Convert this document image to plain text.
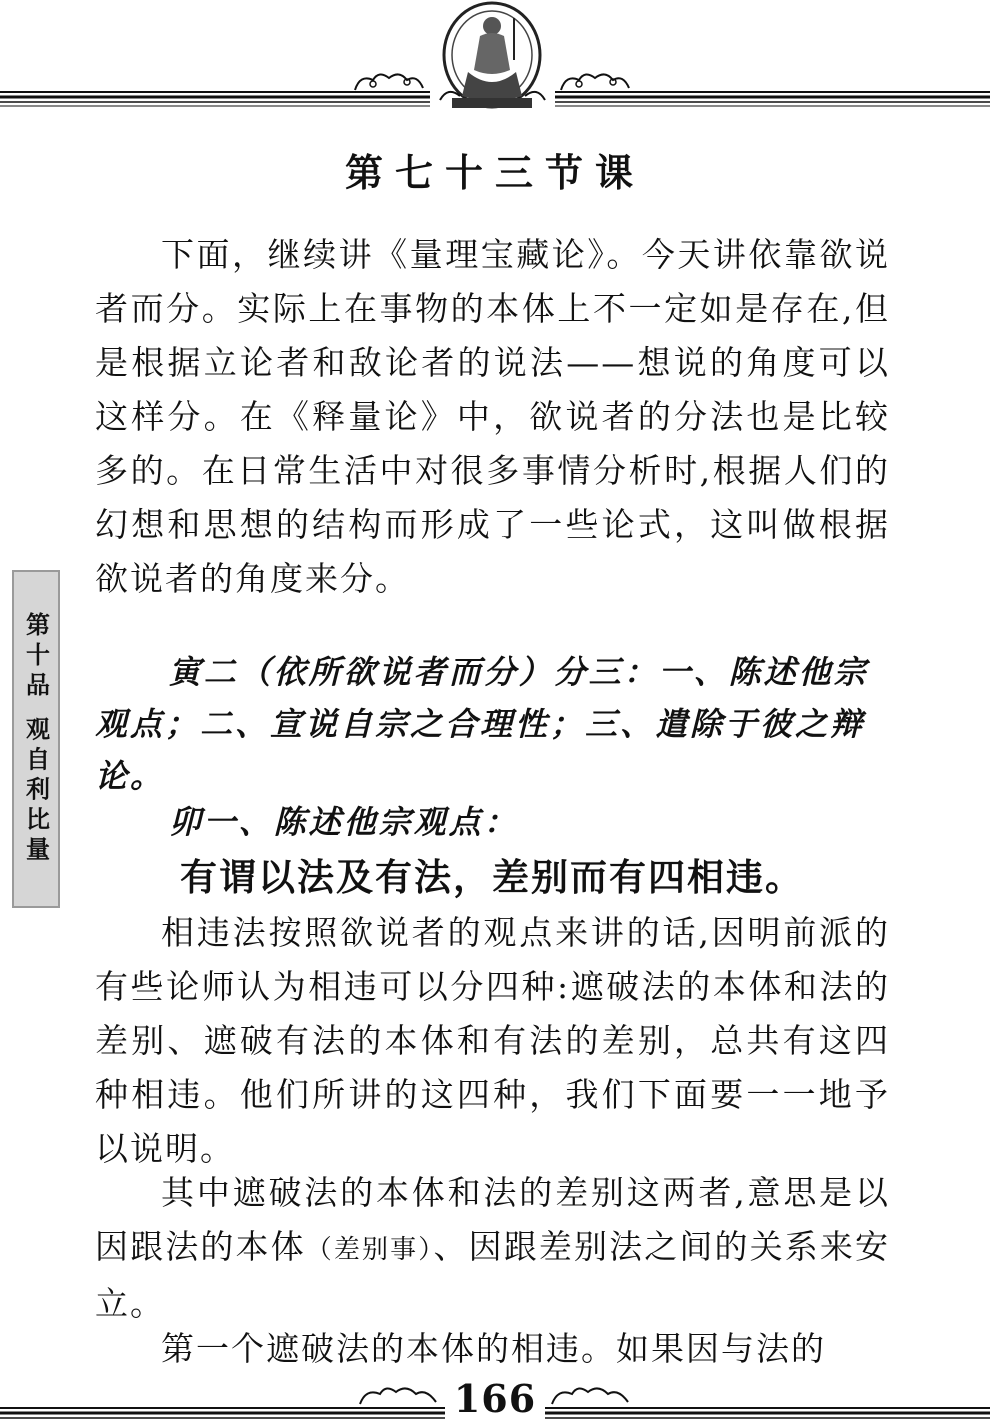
第七十三节课

下面，继续讲《量理宝藏论》。今天讲依靠欲说者而分。实际上在事物的本体上不一定如是存在,但是根据立论者和敌论者的说法——想说的角度可以这样分。在《释量论》中，欲说者的分法也是比较多的。在日常生活中对很多事情分析时,根据人们的幻想和思想的结构而形成了一些论式，这叫做根据欲说者的角度来分。

寅二（依所欲说者而分）分三：一、陈述他宗观点；二、宣说自宗之合理性；三、遣除于彼之辩论。

卯一、陈述他宗观点：

有谓以法及有法，差别而有四相违。

相违法按照欲说者的观点来讲的话,因明前派的有些论师认为相违可以分四种:遮破法的本体和法的差别、遮破有法的本体和有法的差别，总共有这四种相违。他们所讲的这四种，我们下面要一一地予以说明。

其中遮破法的本体和法的差别这两者,意思是以因跟法的本体（差别事）、因跟差别法之间的关系来安立。

第一个遮破法的本体的相违。如果因与法的

第十品 观自利比量
166
